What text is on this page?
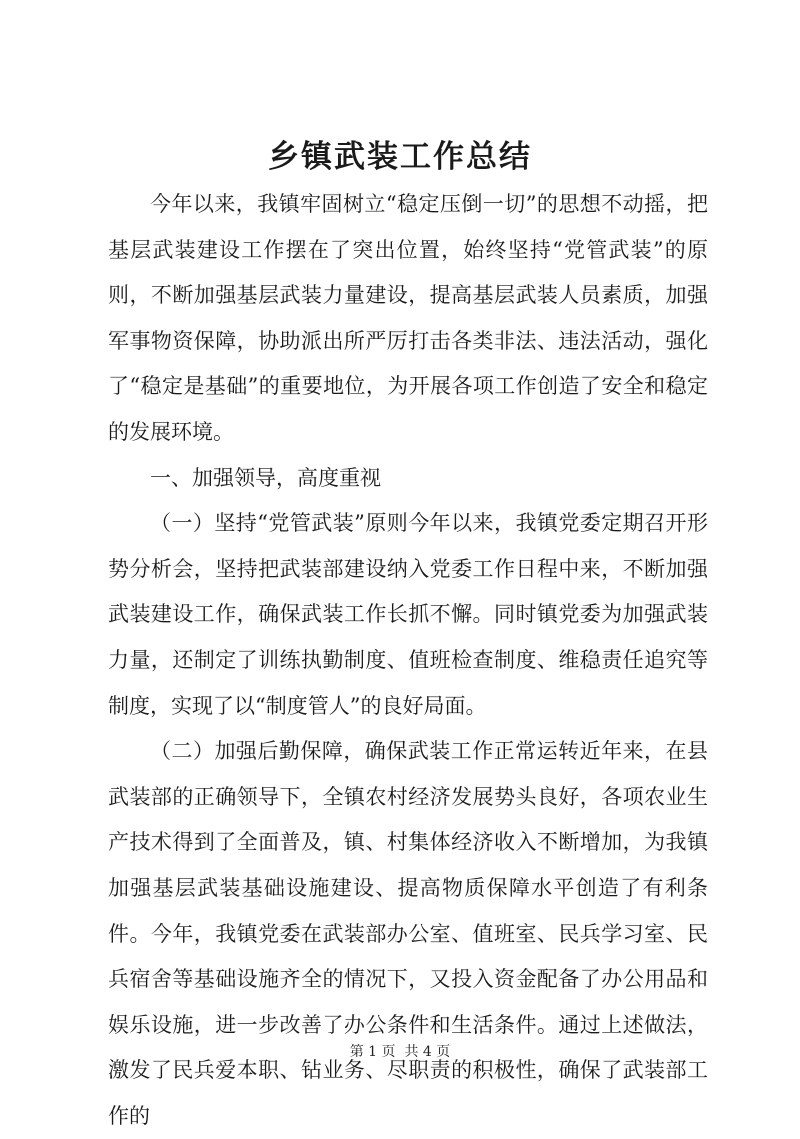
乡镇武装工作总结

今年以来，我镇牢固树立“稳定压倒一切”的思想不动摇，把基层武装建设工作摆在了突出位置，始终坚持“党管武装”的原则，不断加强基层武装力量建设，提高基层武装人员素质，加强军事物资保障，协助派出所严厉打击各类非法、违法活动，强化了“稳定是基础”的重要地位，为开展各项工作创造了安全和稳定的发展环境。

一、加强领导，高度重视

（一）坚持“党管武装”原则今年以来，我镇党委定期召开形势分析会，坚持把武装部建设纳入党委工作日程中来，不断加强武装建设工作，确保武装工作长抓不懈。同时镇党委为加强武装力量，还制定了训练执勤制度、值班检查制度、维稳责任追究等制度，实现了以“制度管人”的良好局面。

（二）加强后勤保障，确保武装工作正常运转近年来，在县武装部的正确领导下，全镇农村经济发展势头良好，各项农业生产技术得到了全面普及，镇、村集体经济收入不断增加，为我镇加强基层武装基础设施建设、提高物质保障水平创造了有利条件。今年，我镇党委在武装部办公室、值班室、民兵学习室、民兵宿舍等基础设施齐全的情况下，又投入资金配备了办公用品和娱乐设施，进一步改善了办公条件和生活条件。通过上述做法，激发了民兵爱本职、钻业务、尽职责的积极性，确保了武装部工作的

第 1 页  共 4 页
